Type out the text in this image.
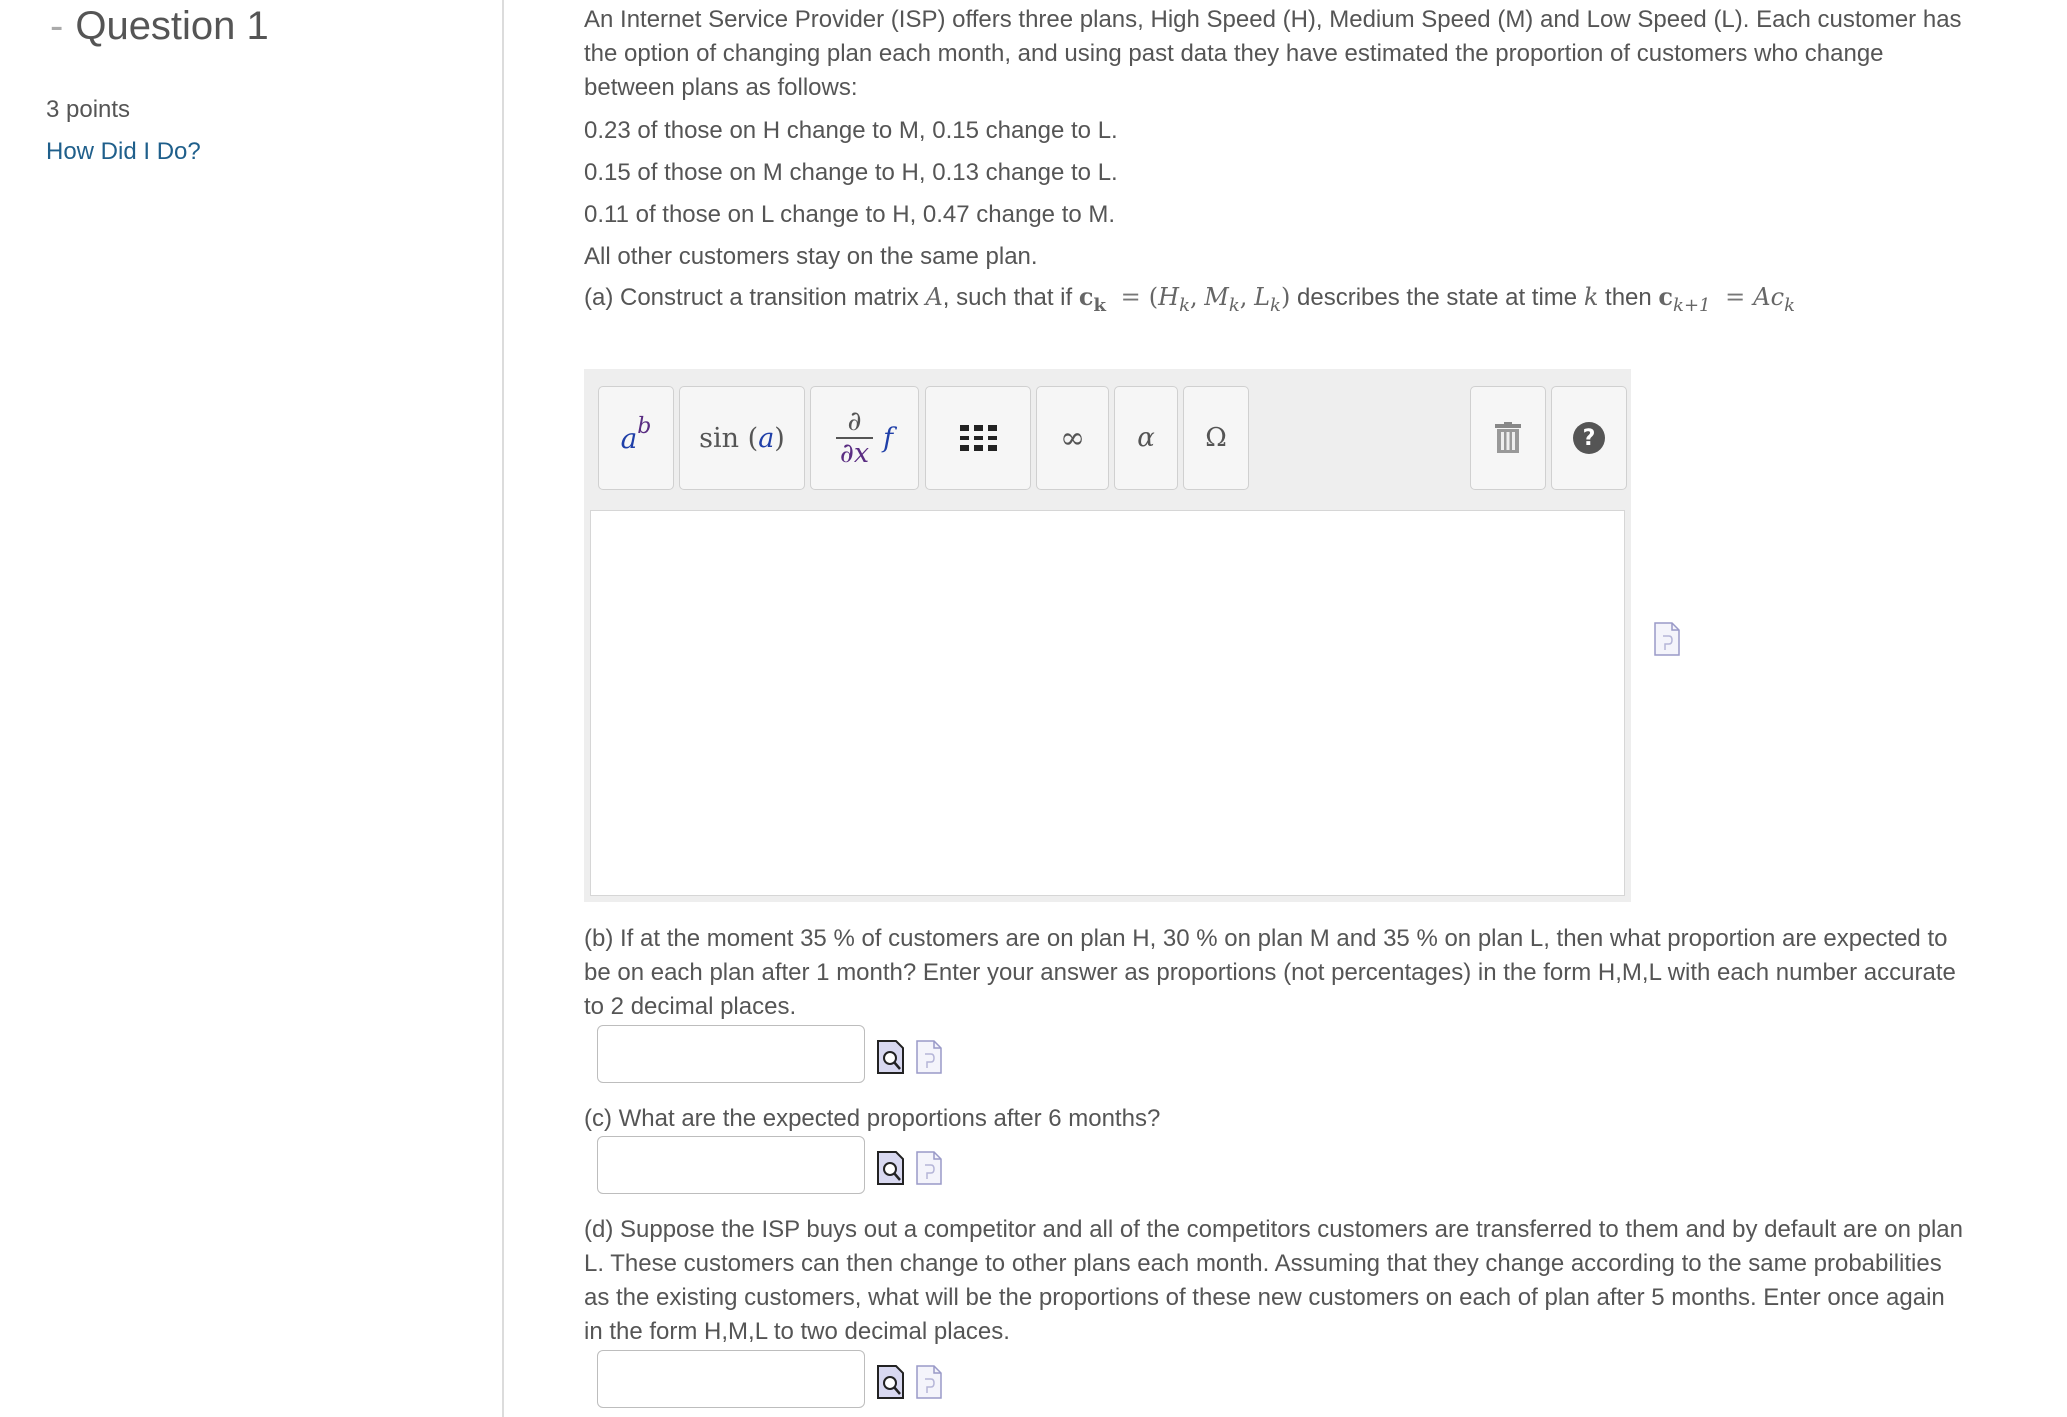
- Question 1
3 points
How Did I Do?
An Internet Service Provider (ISP) offers three plans, High Speed (H), Medium Speed (M) and Low Speed (L). Each customer has the option of changing plan each month, and using past data they have estimated the proportion of customers who change between plans as follows:
0.23 of those on H change to M, 0.15 change to L.
0.15 of those on M change to H, 0.13 change to L.
0.11 of those on L change to H, 0.47 change to M.
All other customers stay on the same plan.
(a) Construct a transition matrix A, such that if $c_k = (H_k$, $M_k$, $L_k$) describes the state at time k then $c_{k+1} = Ac_k$
(b) If at the moment 35 % of customers are on plan H, 30 % on plan M and 35 % on plan L, then what proportion are expected to be on each plan after 1 month? Enter your answer as proportions (not percentages) in the form H,M,L with each number accurate to 2 decimal places.
(c) What are the expected proportions after 6 months?
(d) Suppose the ISP buys out a competitor and all of the competitors customers are transferred to them and by default are on plan L. These customers can then change to other plans each month. Assuming that they change according to the same probabilities as the existing customers, what will be the proportions of these new customers on each of plan after 5 months. Enter once again in the form H,M,L to two decimal places.
a b sin
( a )
∂
∂x f	∞ α Ω	?
